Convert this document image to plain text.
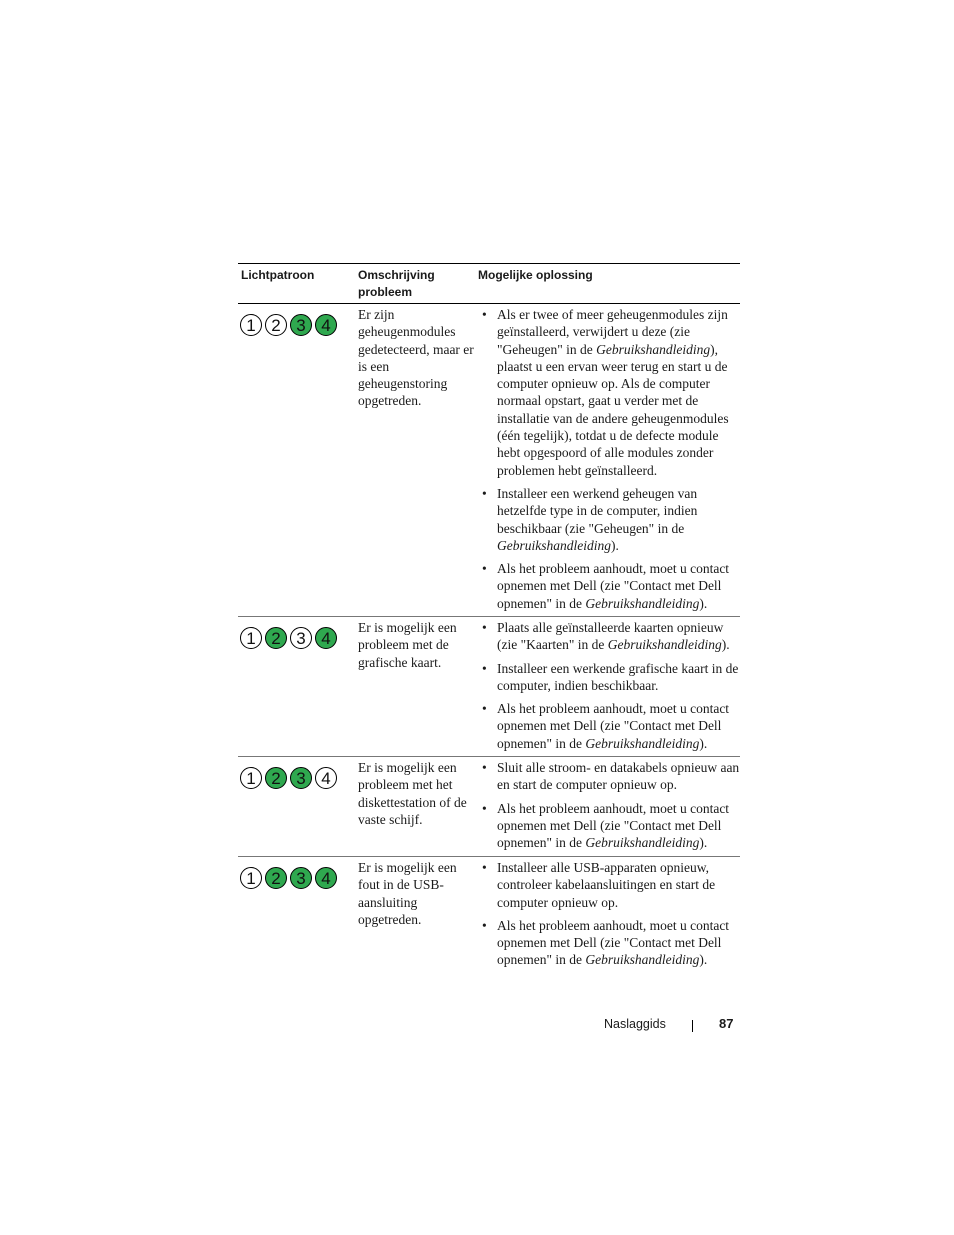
Lichtpatroon	Omschrijving probleem
Mogelijke oplossing
1 2 3 4
Er zijn geheugenmodules gedetecteerd, maar er is een geheugenstoring opgetreden.
• Als er twee of meer geheugenmodules zijn geïnstalleerd, verwijdert u deze (zie "Geheugen" in de Gebruikshandleiding), plaatst u een ervan weer terug en start u de computer opnieuw op. Als de computer normaal opstart, gaat u verder met de installatie van de andere geheugenmodules (één tegelijk), totdat u de defecte module hebt opgespoord of alle modules zonder problemen hebt geïnstalleerd.
• Installeer een werkend geheugen van hetzelfde type in de computer, indien beschikbaar (zie "Geheugen" in de Gebruikshandleiding).
• Als het probleem aanhoudt, moet u contact opnemen met Dell (zie "Contact met Dell opnemen" in de Gebruikshandleiding).
1 2 3 4
Er is mogelijk een probleem met de grafische kaart.
• Plaats alle geïnstalleerde kaarten opnieuw (zie "Kaarten" in de Gebruikshandleiding).
• Installeer een werkende grafische kaart in de computer, indien beschikbaar.
• Als het probleem aanhoudt, moet u contact opnemen met Dell (zie "Contact met Dell opnemen" in de Gebruikshandleiding).
1 2 3 4
Er is mogelijk een probleem met het diskettestation of de vaste schijf.
• Sluit alle stroom- en datakabels opnieuw aan en start de computer opnieuw op.
• Als het probleem aanhoudt, moet u contact opnemen met Dell (zie "Contact met Dell opnemen" in de Gebruikshandleiding).
1 2 3 4
Er is mogelijk een fout in de USB-aansluiting opgetreden.
• Installeer alle USB-apparaten opnieuw, controleer kabelaansluitingen en start de computer opnieuw op.
• Als het probleem aanhoudt, moet u contact opnemen met Dell (zie "Contact met Dell opnemen" in de Gebruikshandleiding).
Naslaggids	87
